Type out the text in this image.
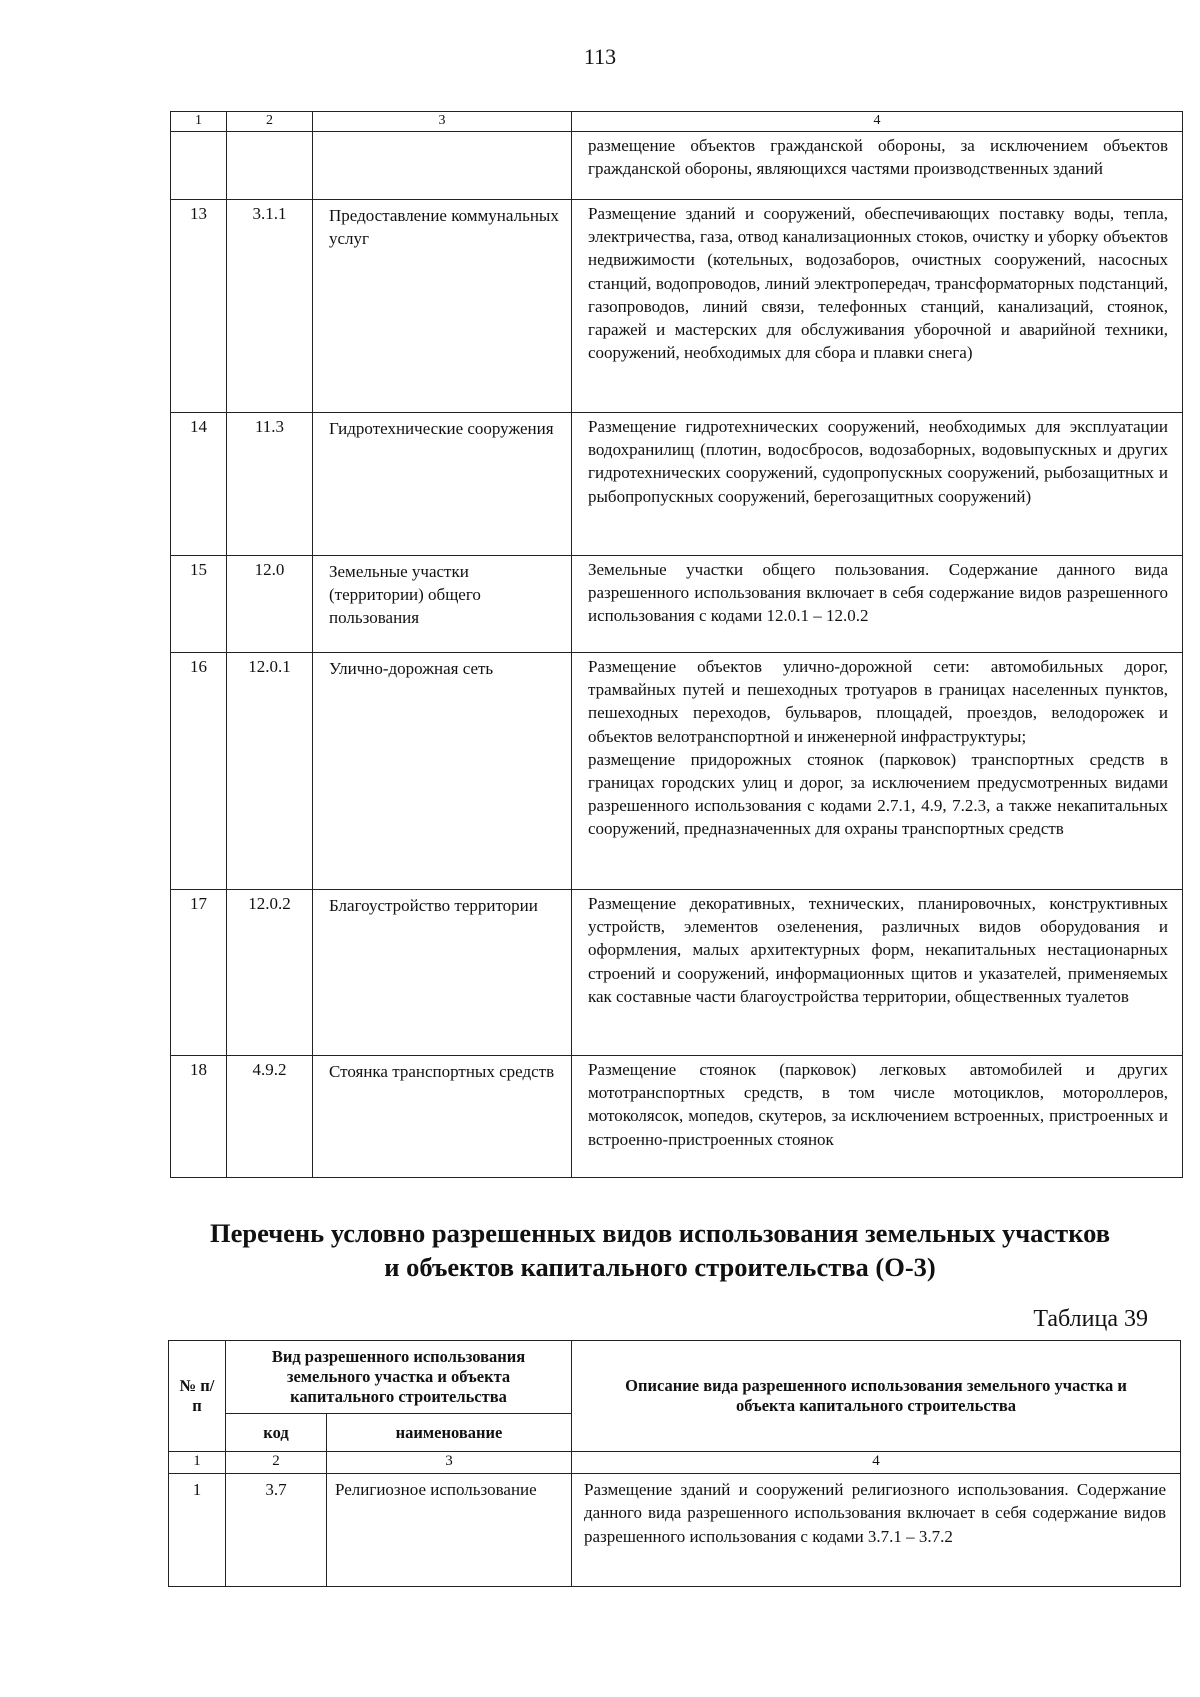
113
1	2	3	4
			размещение объектов гражданской обороны, за исключением объектов гражданской обороны, являющихся частями производственных зданий
13	3.1.1	Предоставление коммунальных услуг	Размещение зданий и сооружений, обеспечивающих поставку воды, тепла, электричества, газа, отвод канализационных стоков, очистку и уборку объектов недвижимости (котельных, водозаборов, очистных сооружений, насосных станций, водопроводов, линий электропередач, трансформаторных подстанций, газопроводов, линий связи, телефонных станций, канализаций, стоянок, гаражей и мастерских для обслуживания уборочной и аварийной техники, сооружений, необходимых для сбора и плавки снега)
14	11.3	Гидротехнические сооружения	Размещение гидротехнических сооружений, необходимых для эксплуатации водохранилищ (плотин, водосбросов, водозаборных, водовыпускных и других гидротехнических сооружений, судопропускных сооружений, рыбозащитных и рыбопропускных сооружений, берегозащитных сооружений)
15	12.0	Земельные участки (территории) общего пользования	Земельные участки общего пользования. Содержание данного вида разрешенного использования включает в себя содержание видов разрешенного использования с кодами 12.0.1 – 12.0.2
16	12.0.1	Улично-дорожная сеть	Размещение объектов улично-дорожной сети: автомобильных дорог, трамвайных путей и пешеходных тротуаров в границах населенных пунктов, пешеходных переходов, бульваров, площадей, проездов, велодорожек и объектов велотранспортной и инженерной инфраструктуры;
размещение придорожных стоянок (парковок) транспортных средств в границах городских улиц и дорог, за исключением предусмотренных видами разрешенного использования с кодами 2.7.1, 4.9, 7.2.3, а также некапитальных сооружений, предназначенных для охраны транспортных средств

17	12.0.2	Благоустройство территории	Размещение декоративных, технических, планировочных, конструктивных устройств, элементов озеленения, различных видов оборудования и оформления, малых архитектурных форм, некапитальных нестационарных строений и сооружений, информационных щитов и указателей, применяемых как составные части благоустройства территории, общественных туалетов
18	4.9.2	Стоянка транспортных средств	Размещение стоянок (парковок) легковых автомобилей и других мототранспортных средств, в том числе мотоциклов, мотороллеров, мотоколясок, мопедов, скутеров, за исключением встроенных, пристроенных и встроенно-пристроенных стоянок
Перечень условно разрешенных видов использования земельных участков
и объектов капитального строительства (О-3)
Таблица 39
№ п/п	Вид разрешенного использования земельного участка и объекта капитального строительства		Описание вида разрешенного использования земельного участка и объекта капитального строительства
	код	наименование	
1	2	3	4
1	3.7	Религиозное использование	Размещение зданий и сооружений религиозного использования. Содержание данного вида разрешенного использования включает в себя содержание видов разрешенного использования с кодами 3.7.1 – 3.7.2
